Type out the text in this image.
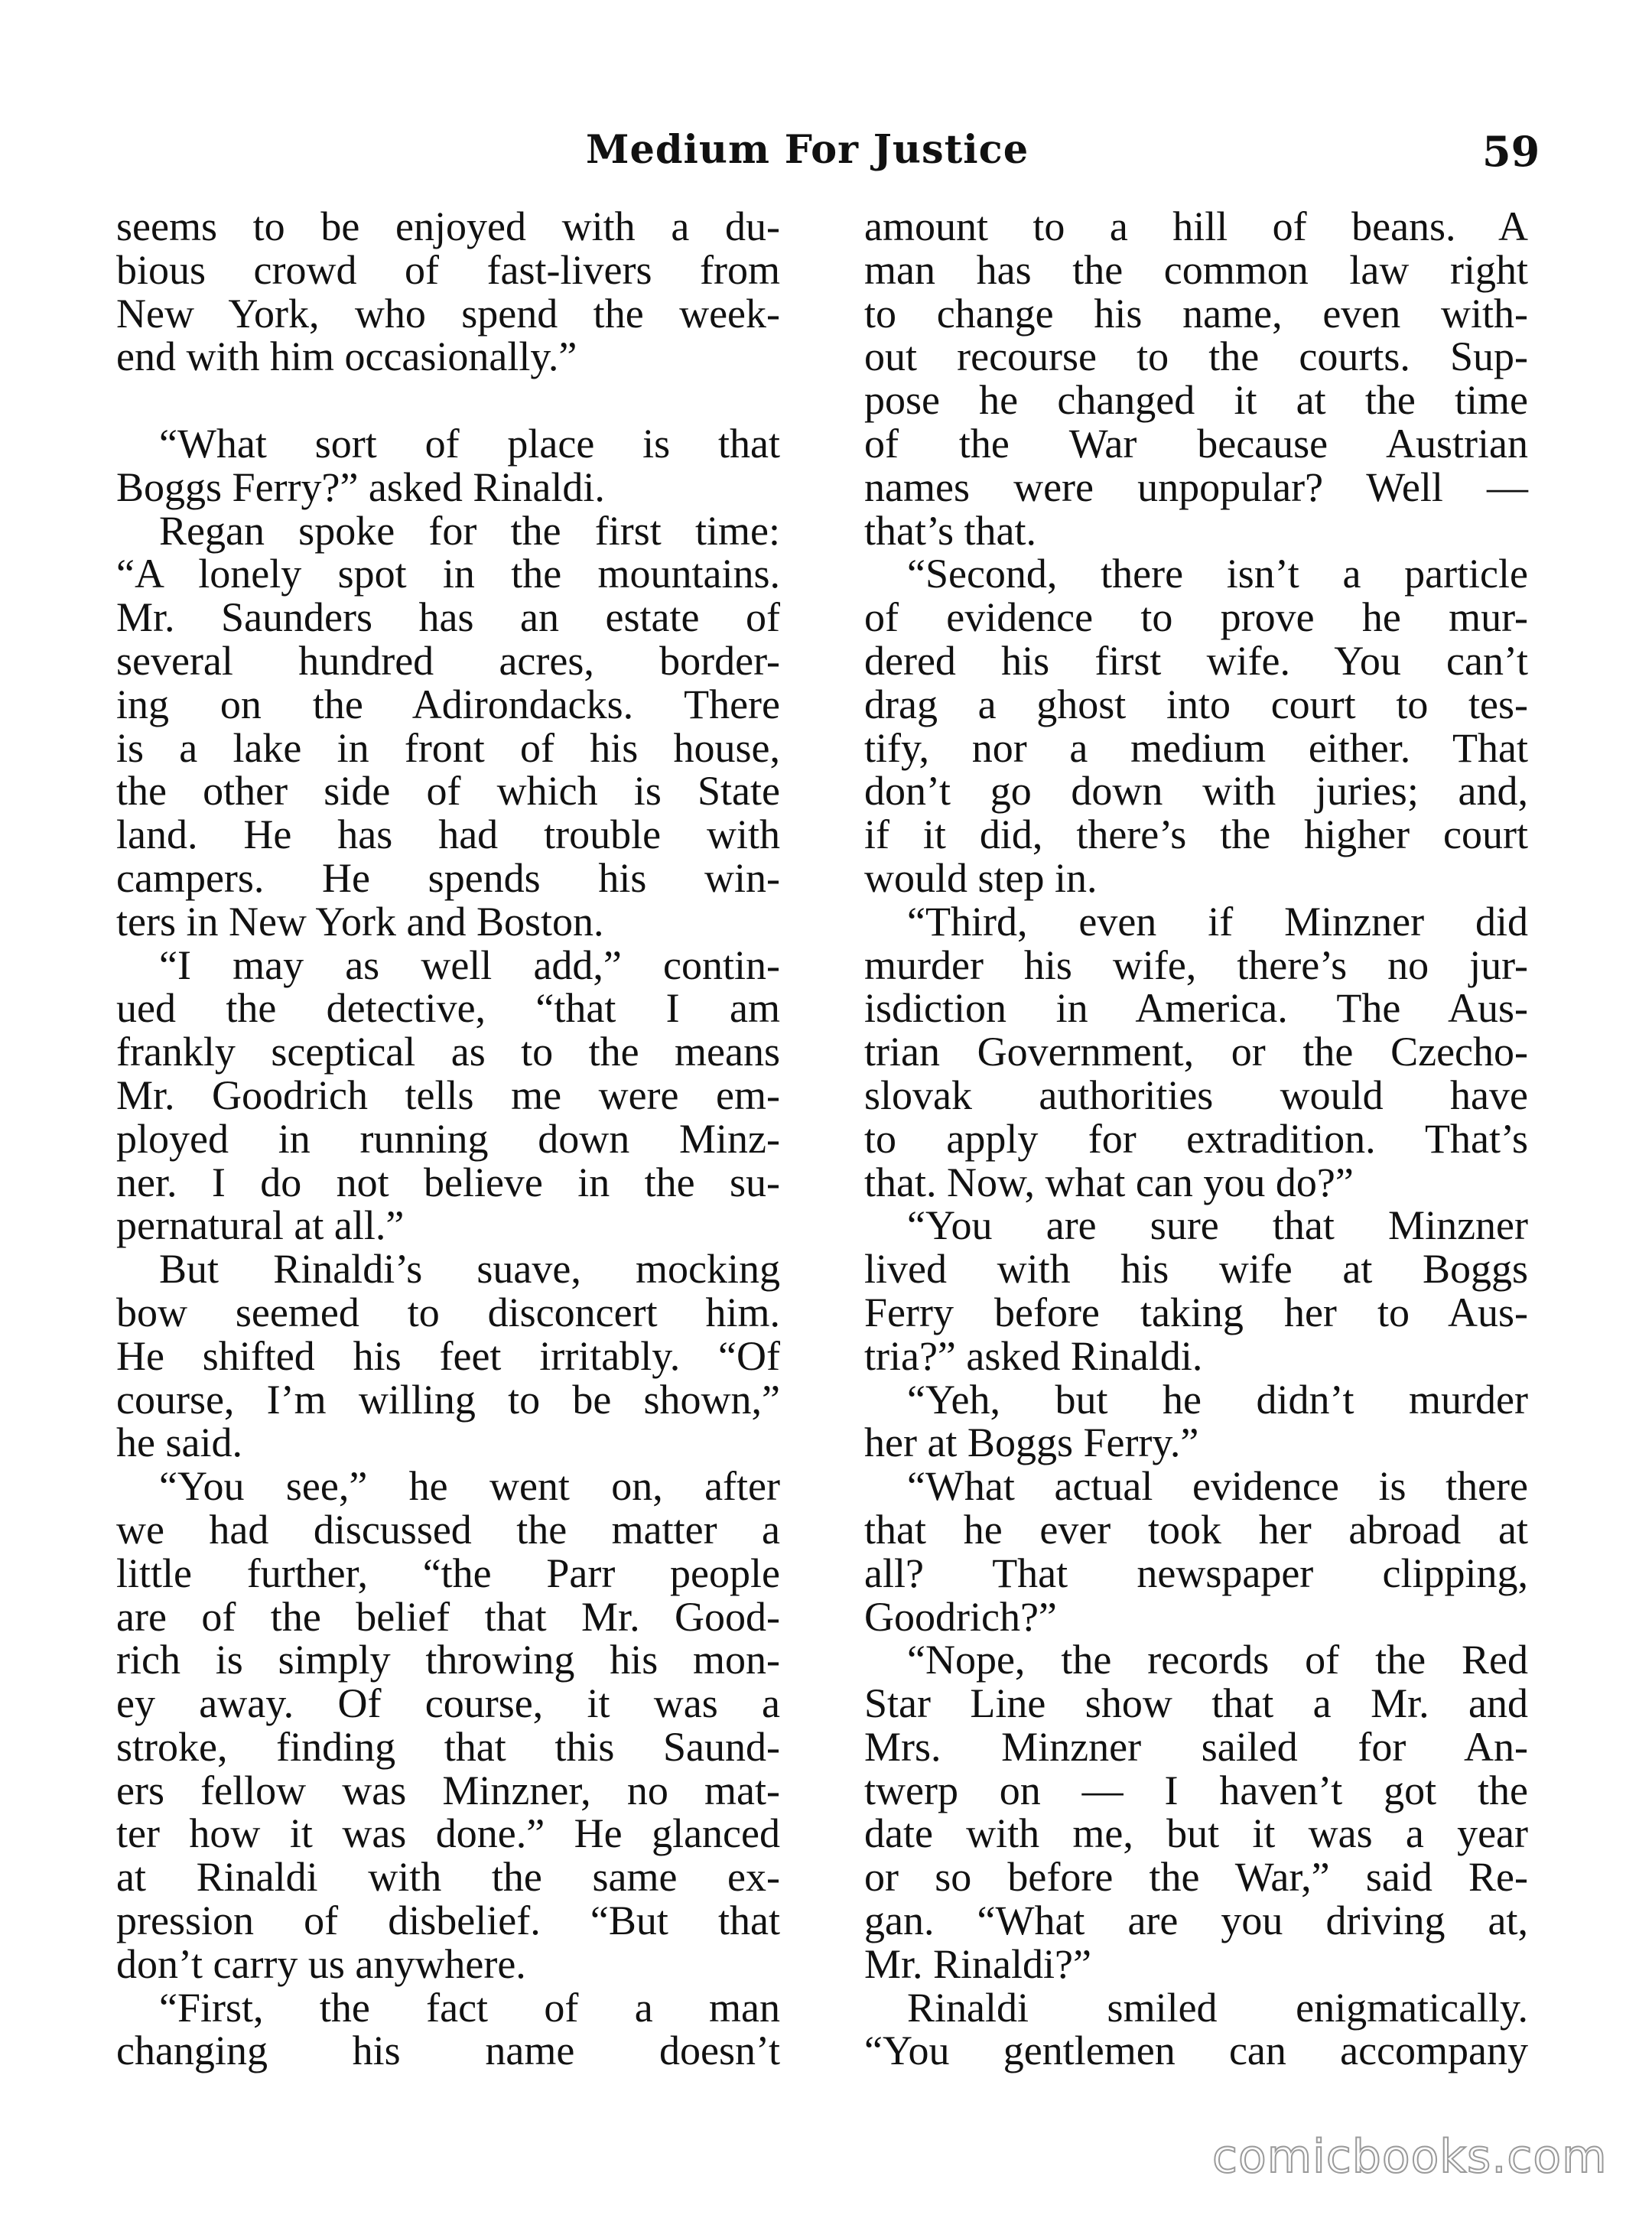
Medium For Justice	59
seems to be enjoyed with a du-
bious crowd of fast-livers from
New York, who spend the week-
end with him occasionally.”
“What sort of place is that
Boggs Ferry?” asked Rinaldi.
Regan spoke for the first time:
“A lonely spot in the mountains.
Mr. Saunders has an estate of
several hundred acres, border-
ing on the Adirondacks. There
is a lake in front of his house,
the other side of which is State
land. He has had trouble with
campers. He spends his win-
ters in New York and Boston.
“I may as well add,” contin-
ued the detective, “that I am
frankly sceptical as to the means
Mr. Goodrich tells me were em-
ployed in running down Minz-
ner. I do not believe in the su-
pernatural at all.”
But Rinaldi’s suave, mocking
bow seemed to disconcert him.
He shifted his feet irritably. “Of
course, I’m willing to be shown,”
he said.
“You see,” he went on, after
we had discussed the matter a
little further, “the Parr people
are of the belief that Mr. Good-
rich is simply throwing his mon-
ey away. Of course, it was a
stroke, finding that this Saund-
ers fellow was Minzner, no mat-
ter how it was done.” He glanced
at Rinaldi with the same ex-
pression of disbelief. “But that
don’t carry us anywhere.
“First, the fact of a man
changing his name doesn’t
amount to a hill of beans. A
man has the common law right
to change his name, even with-
out recourse to the courts. Sup-
pose he changed it at the time
of the War because Austrian
names were unpopular? Well —
that’s that.
“Second, there isn’t a particle
of evidence to prove he mur-
dered his first wife. You can’t
drag a ghost into court to tes-
tify, nor a medium either. That
don’t go down with juries; and,
if it did, there’s the higher court
would step in.
“Third, even if Minzner did
murder his wife, there’s no jur-
isdiction in America. The Aus-
trian Government, or the Czecho-
slovak authorities would have
to apply for extradition. That’s
that. Now, what can you do?”
“You are sure that Minzner
lived with his wife at Boggs
Ferry before taking her to Aus-
tria?” asked Rinaldi.
“Yeh, but he didn’t murder
her at Boggs Ferry.”
“What actual evidence is there
that he ever took her abroad at
all? That newspaper clipping,
Goodrich?”
“Nope, the records of the Red
Star Line show that a Mr. and
Mrs. Minzner sailed for An-
twerp on — I haven’t got the
date with me, but it was a year
or so before the War,” said Re-
gan. “What are you driving at,
Mr. Rinaldi?”
Rinaldi smiled enigmatically.
“You gentlemen can accompany
comicbooks.com
